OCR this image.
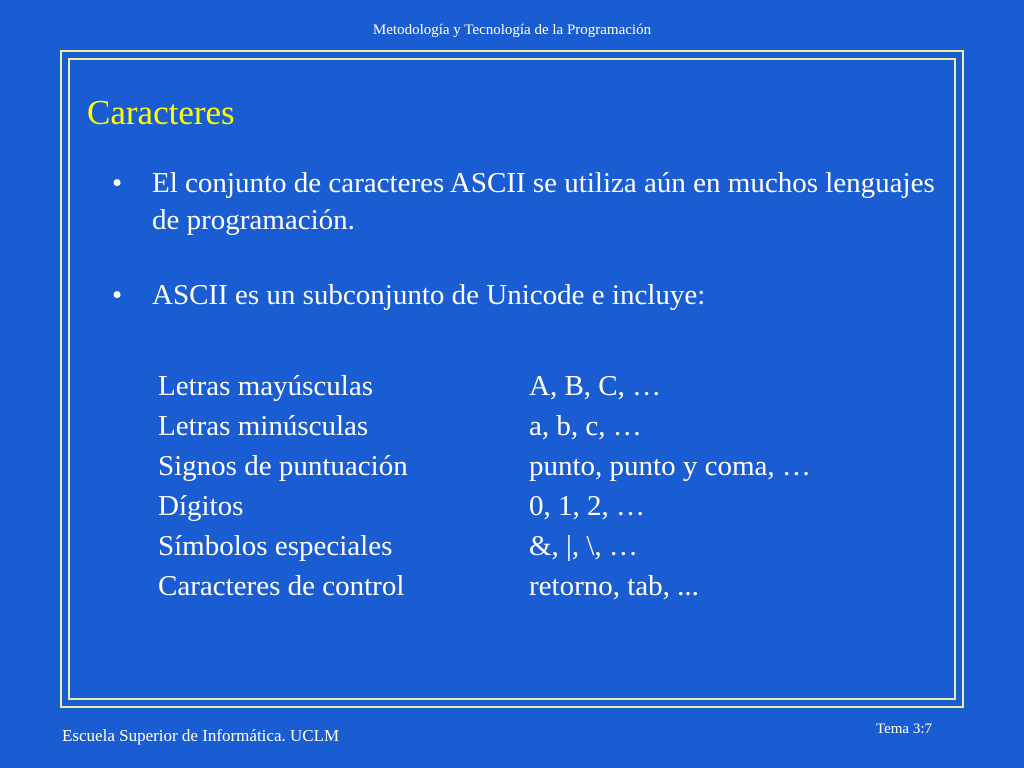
Metodología y Tecnología de la Programación
Caracteres
• El conjunto de caracteres ASCII se utiliza aún en muchos lenguajes de programación.
• ASCII es un subconjunto de Unicode e incluye:
Letras mayúsculas	A, B, C, …
Letras minúsculas	a, b, c, …
Signos de puntuación	punto, punto y coma, …
Dígitos	0, 1, 2, …
Símbolos especiales	&, |, \, …
Caracteres de control	retorno, tab, ...
Escuela Superior de Informática. UCLM	Tema 3:7
